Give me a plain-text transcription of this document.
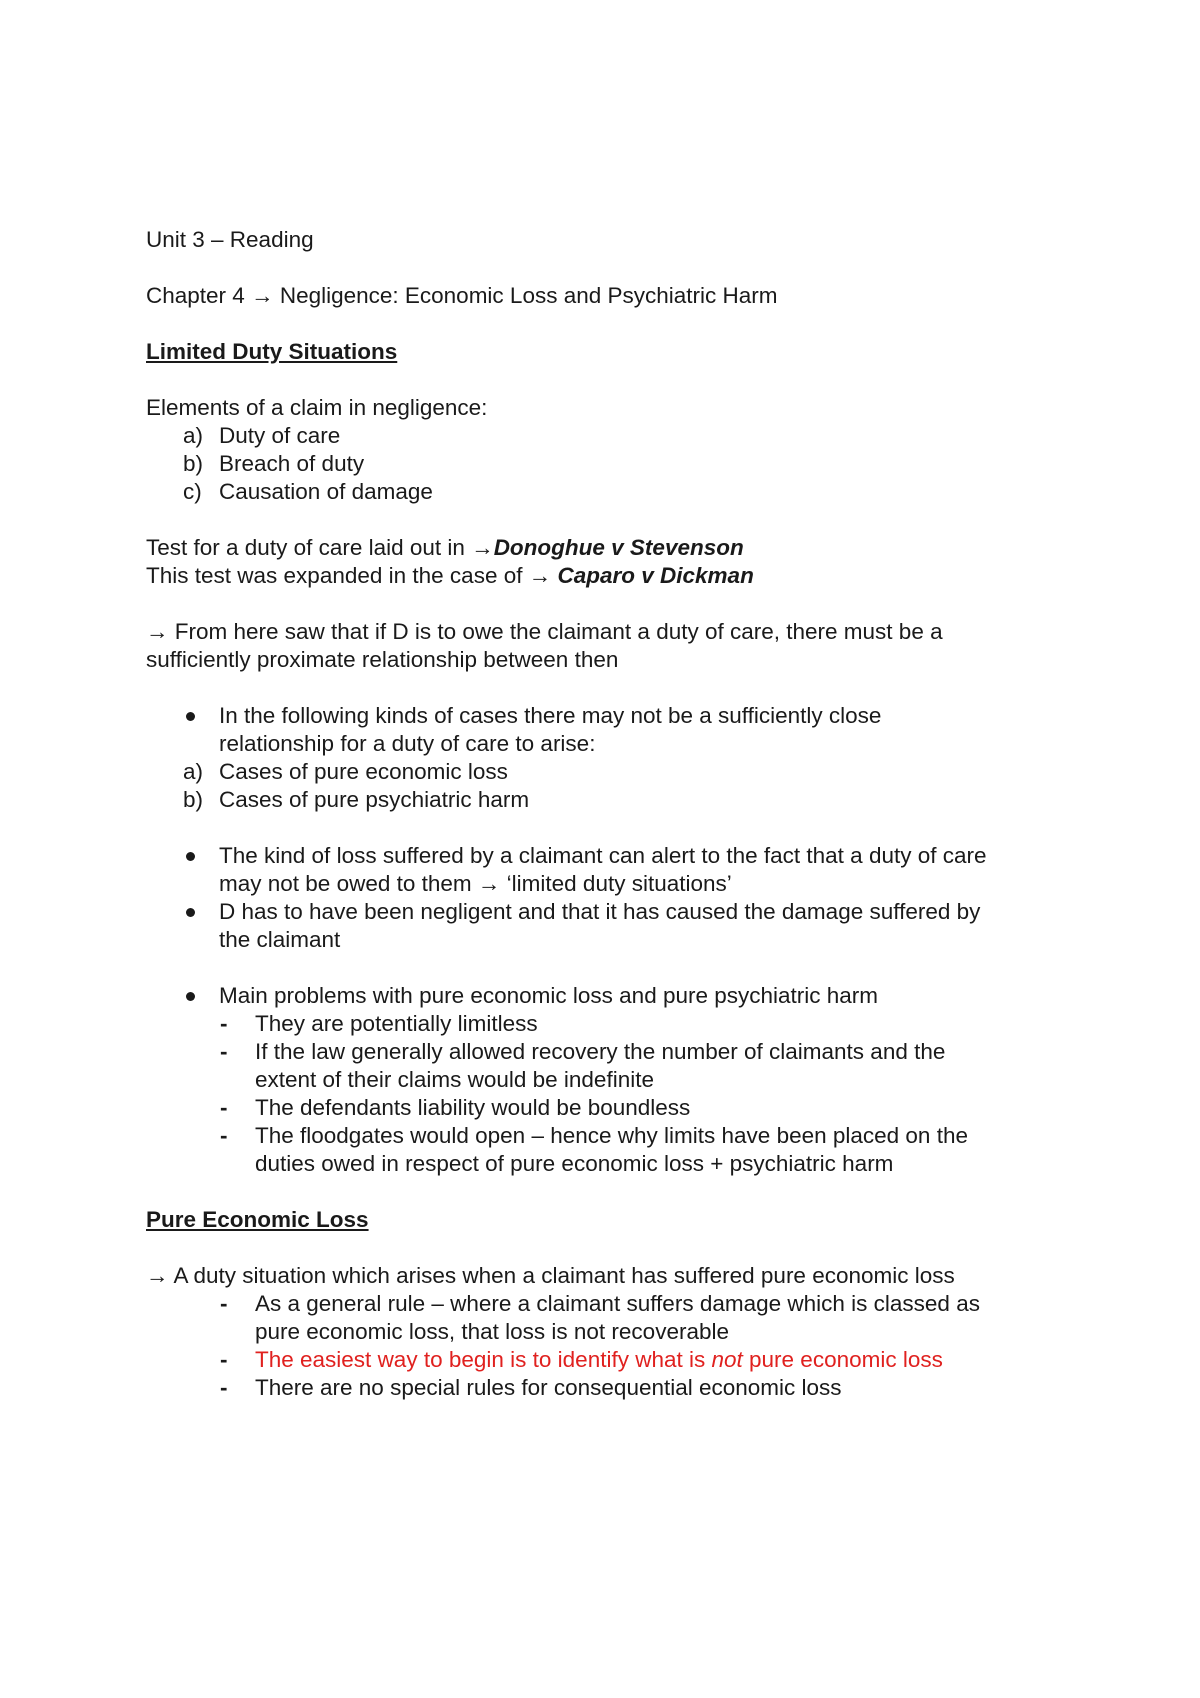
Unit 3 – Reading

Chapter 4 → Negligence: Economic Loss and Psychiatric Harm

Limited Duty Situations

Elements of a claim in negligence:

a) Duty of care
b) Breach of duty
c) Causation of damage

Test for a duty of care laid out in →Donoghue v Stevenson

This test was expanded in the case of → Caparo v Dickman

→ From here saw that if D is to owe the claimant a duty of care, there must be a

sufficiently proximate relationship between then

In the following kinds of cases there may not be a sufficiently close
relationship for a duty of care to arise:
a) Cases of pure economic loss
b) Cases of pure psychiatric harm
The kind of loss suffered by a claimant can alert to the fact that a duty of care
may not be owed to them → ‘limited duty situations’
D has to have been negligent and that it has caused the damage suffered by
the claimant
Main problems with pure economic loss and pure psychiatric harm
- They are potentially limitless
- If the law generally allowed recovery the number of claimants and the
extent of their claims would be indefinite
- The defendants liability would be boundless
- The floodgates would open – hence why limits have been placed on the
duties owed in respect of pure economic loss + psychiatric harm

Pure Economic Loss

→ A duty situation which arises when a claimant has suffered pure economic loss

- As a general rule – where a claimant suffers damage which is classed as
pure economic loss, that loss is not recoverable
- The easiest way to begin is to identify what is not pure economic loss
- There are no special rules for consequential economic loss
